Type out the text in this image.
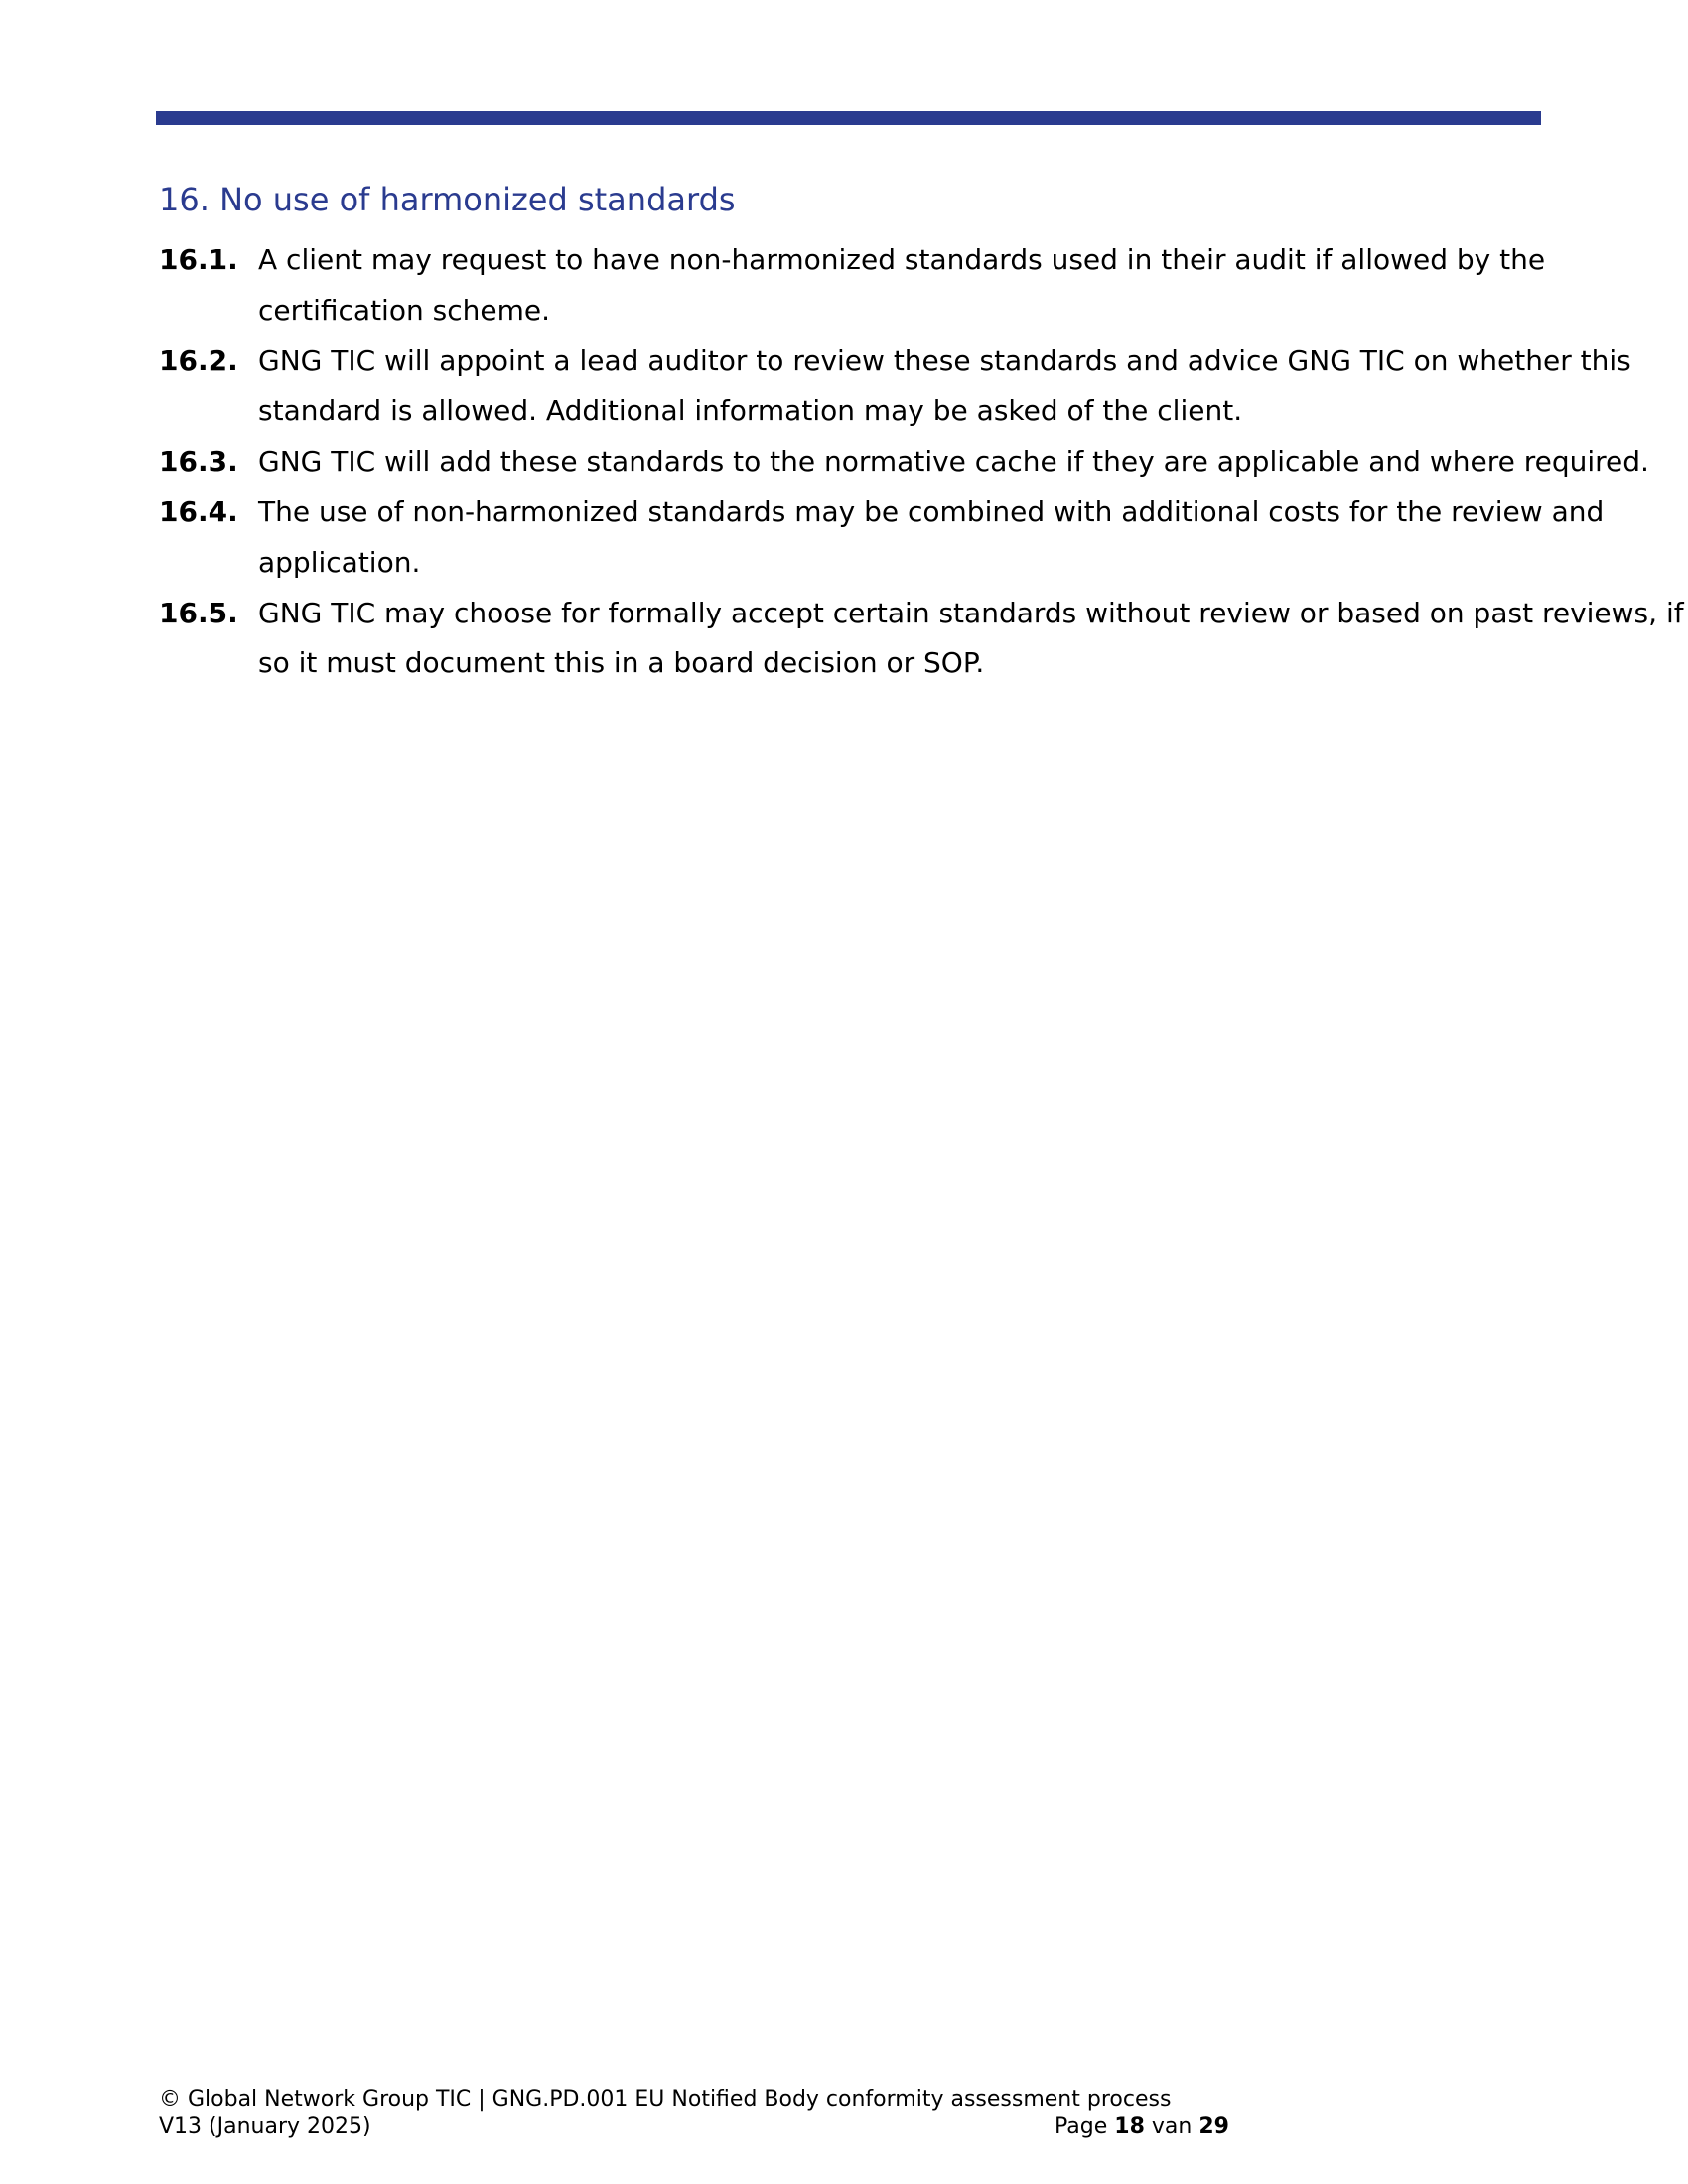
16. No use of harmonized standards
16.1. A client may request to have non-harmonized standards used in their audit if allowed by the certification scheme.
16.2. GNG TIC will appoint a lead auditor to review these standards and advice GNG TIC on whether this standard is allowed. Additional information may be asked of the client.
16.3. GNG TIC will add these standards to the normative cache if they are applicable and where required.
16.4. The use of non-harmonized standards may be combined with additional costs for the review and application.
16.5. GNG TIC may choose for formally accept certain standards without review or based on past reviews, if so it must document this in a board decision or SOP.
© Global Network Group TIC | GNG.PD.001 EU Notified Body conformity assessment process
V13 (January 2025)	Page 18 van 29
